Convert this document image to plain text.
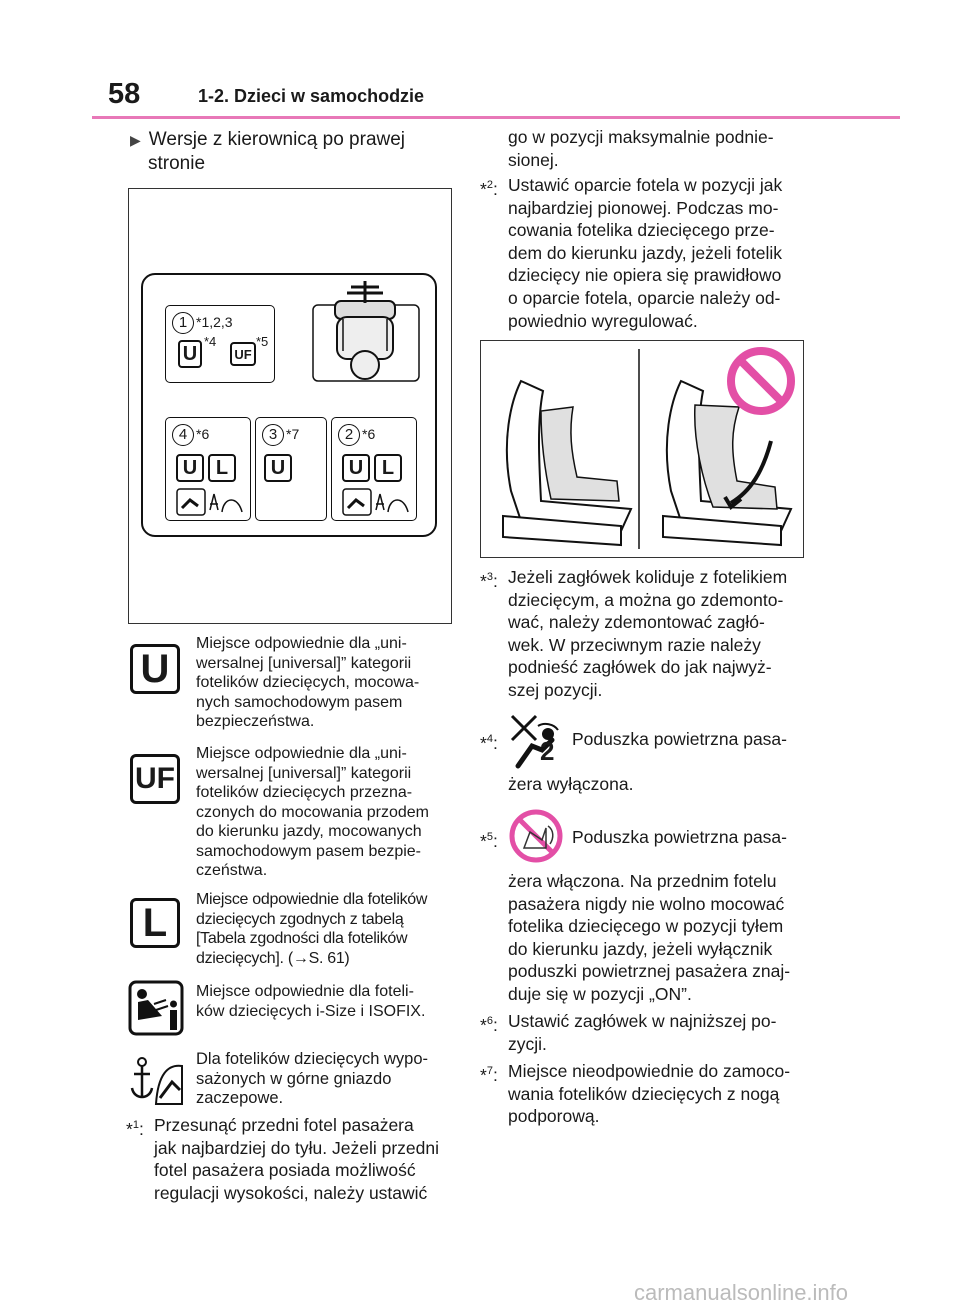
58	1-2. Dzieci w samochodzie
▶ Wersje z kierownicą po prawej
stronie
1 *1,2,3
U
*4
UF
*5
4 *6
U L
3 *7
U
2 *6
U L
U
Miejsce odpowiednie dla „uni-
wersalnej [universal]” kategorii
fotelików dziecięcych, mocowa-
nych samochodowym pasem
bezpieczeństwa.
UF
Miejsce odpowiednie dla „uni-
wersalnej [universal]” kategorii
fotelików dziecięcych przezna-
czonych do mocowania przodem
do kierunku jazdy, mocowanych
samochodowym pasem bezpie-
czeństwa.
L
Miejsce odpowiednie dla fotelików
dziecięcych zgodnych z tabelą
[Tabela zgodności dla fotelików
dziecięcych]. (→S. 61)
Miejsce odpowiednie dla foteli-
ków dziecięcych i-Size i ISOFIX.
Dla fotelików dziecięcych wypo-
sażonych w górne gniazdo
zaczepowe.
*$^1$: Przesunąć przedni fotel pasażera
jak najbardziej do tyłu. Jeżeli przedni
fotel pasażera posiada możliwość
regulacji wysokości, należy ustawić
go w pozycji maksymalnie podnie-
sionej.
*$^2$: Ustawić oparcie fotela w pozycji jak
najbardziej pionowej. Podczas mo-
cowania fotelika dziecięcego prze-
dem do kierunku jazdy, jeżeli fotelik
dziecięcy nie opiera się prawidłowo
o oparcie fotela, oparcie należy od-
powiednio wyregulować.
*$^3$: Jeżeli zagłówek koliduje z fotelikiem
dziecięcym, a można go zdemonto-
wać, należy zdemontować zagłó-
wek. W przeciwnym razie należy
podnieść zagłówek do jak najwyż-
szej pozycji.
*$^4$: 2 Poduszka powietrzna pasa-
żera wyłączona.
*$^5$:	Poduszka powietrzna pasa-
żera włączona. Na przednim fotelu
pasażera nigdy nie wolno mocować
fotelika dziecięcego w pozycji tyłem
do kierunku jazdy, jeżeli wyłącznik
poduszki powietrznej pasażera znaj-
duje się w pozycji „ON”.
*$^6$: Ustawić zagłówek w najniższej po-
zycji.
*$^7$: Miejsce nieodpowiednie do zamoco-
wania fotelików dziecięcych z nogą
podporową.
carmanualsonline.info
